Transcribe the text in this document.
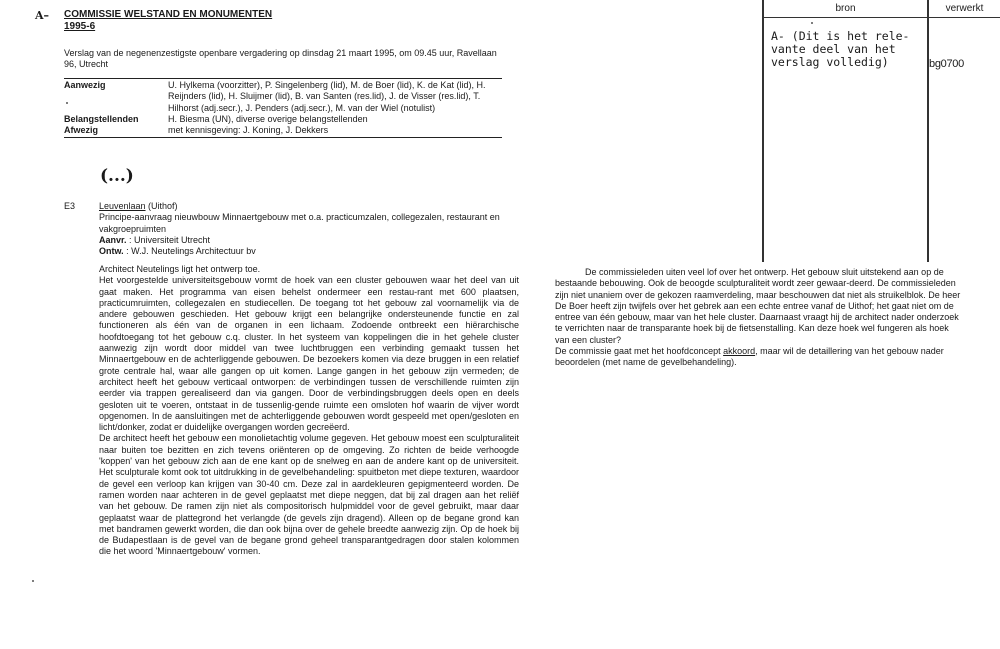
A– COMMISSIE WELSTAND EN MONUMENTEN
1995-6
Verslag van de negenenzestigste openbare vergadering op dinsdag 21 maart 1995, om 09.45 uur, Ravellaan 96, Utrecht
Aanwezig	U. Hylkema (voorzitter), P. Singelenberg (lid), M. de Boer (lid), K. de Kat (lid), H. Reijnders (lid), H. Sluijmer (lid), B. van Santen (res.lid), J. de Visser (res.lid), T. Hilhorst (adj.secr.), J. Penders (adj.secr.), M. van der Wiel (notulist)
Belangstellenden	H. Biesma (UN), diverse overige belangstellenden
Afwezig	met kennisgeving: J. Koning, J. Dekkers
(...)
E3	Leuvenlaan (Uithof)
Principe-aanvraag nieuwbouw Minnaertgebouw met o.a. practicumzalen, collegezalen, restaurant en vakgroepruimten
Aanvr. : Universiteit Utrecht
Ontw. : W.J. Neutelings Architectuur bv

Architect Neutelings ligt het ontwerp toe.

Het voorgestelde universiteitsgebouw vormt de hoek van een cluster gebouwen waar het deel van uit gaat maken. Het programma van eisen behelst ondermeer een restau-rant met 600 plaatsen, practicumruimten, collegezalen en studiecellen. De toegang tot het gebouw zal voornamelijk via de andere gebouwen geschieden. Het gebouw krijgt een belangrijke ondersteunende functie en zal functioneren als één van de organen in een lichaam. Zodoende ontbreekt een hiërarchische hoofdtoegang tot het gebouw c.q. cluster. In het systeem van koppelingen die in het gehele cluster aanwezig zijn wordt door middel van twee luchtbruggen een verbinding gemaakt tussen het Minnaertgebouw en de achterliggende gebouwen. De bezoekers komen via deze bruggen in een relatief grote centrale hal, waar alle gangen op uit komen. Lange gangen in het gebouw zijn vermeden; de architect heeft het gebouw verticaal ontworpen: de verbindingen tussen de verschillende ruimten zijn eerder via trappen gerealiseerd dan via gangen. Door de verbindingsbruggen deels open en deels gesloten uit te voeren, ontstaat in de tussenlig-gende ruimte een omsloten hof waarin de vijver wordt opgenomen. In de aansluitingen met de achterliggende gebouwen wordt gespeeld met open/gesloten en licht/donker, zodat er duidelijke overgangen worden gecreëerd.

De architect heeft het gebouw een monolietachtig volume gegeven. Het gebouw moest een sculpturaliteit naar buiten toe bezitten en zich tevens oriënteren op de omgeving. Zo richten de beide verhoogde 'koppen' van het gebouw zich aan de ene kant op de snelweg en aan de andere kant op de universiteit. Het sculpturale komt ook tot uitdrukking in de gevelbehandeling: spuitbeton met diepe texturen, waardoor de gevel een verloop kan krijgen van 30-40 cm. Deze zal in aardekleuren gepigmenteerd worden. De ramen worden naar achteren in de gevel geplaatst met diepe neggen, dat bij zal dragen aan het reliëf van het gebouw. De ramen zijn niet als compositorisch hulpmiddel voor de gevel gebruikt, maar daar geplaatst waar de plattegrond het verlangde (de gevels zijn dragend). Alleen op de begane grond kan met bandramen gewerkt worden, die dan ook bijna over de gehele breedte aanwezig zijn. Op de hoek bij de Budapestlaan is de gevel van de begane grond geheel transparantgedragen door stalen kolommen die het woord 'Minnaertgebouw' vormen.

De commissieleden uiten veel lof over het ontwerp. Het gebouw sluit uitstekend aan op de bestaande bebouwing. Ook de beoogde sculpturaliteit wordt zeer gewaar-deerd. De commissieleden zijn niet unaniem over de gekozen raamverdeling, maar beschouwen dat niet als struikelblok. De heer De Boer heeft zijn twijfels over het gebrek aan een echte entree vanaf de Uithof; het gaat niet om de entree van één gebouw, maar van het hele cluster. Daarnaast vraagt hij de architect nader onderzoek te verrichten naar de transparante hoek bij de fietsenstalling. Kan deze hoek wel fungeren als hoek van een cluster?

De commissie gaat met het hoofdconcept akkoord, maar wil de detaillering van het gebouw nader beoordelen (met name de gevelbehandeling).

bron	verwerkt
A- (Dit is het rele-
vante deel van het
verslag volledig)	bg0700
